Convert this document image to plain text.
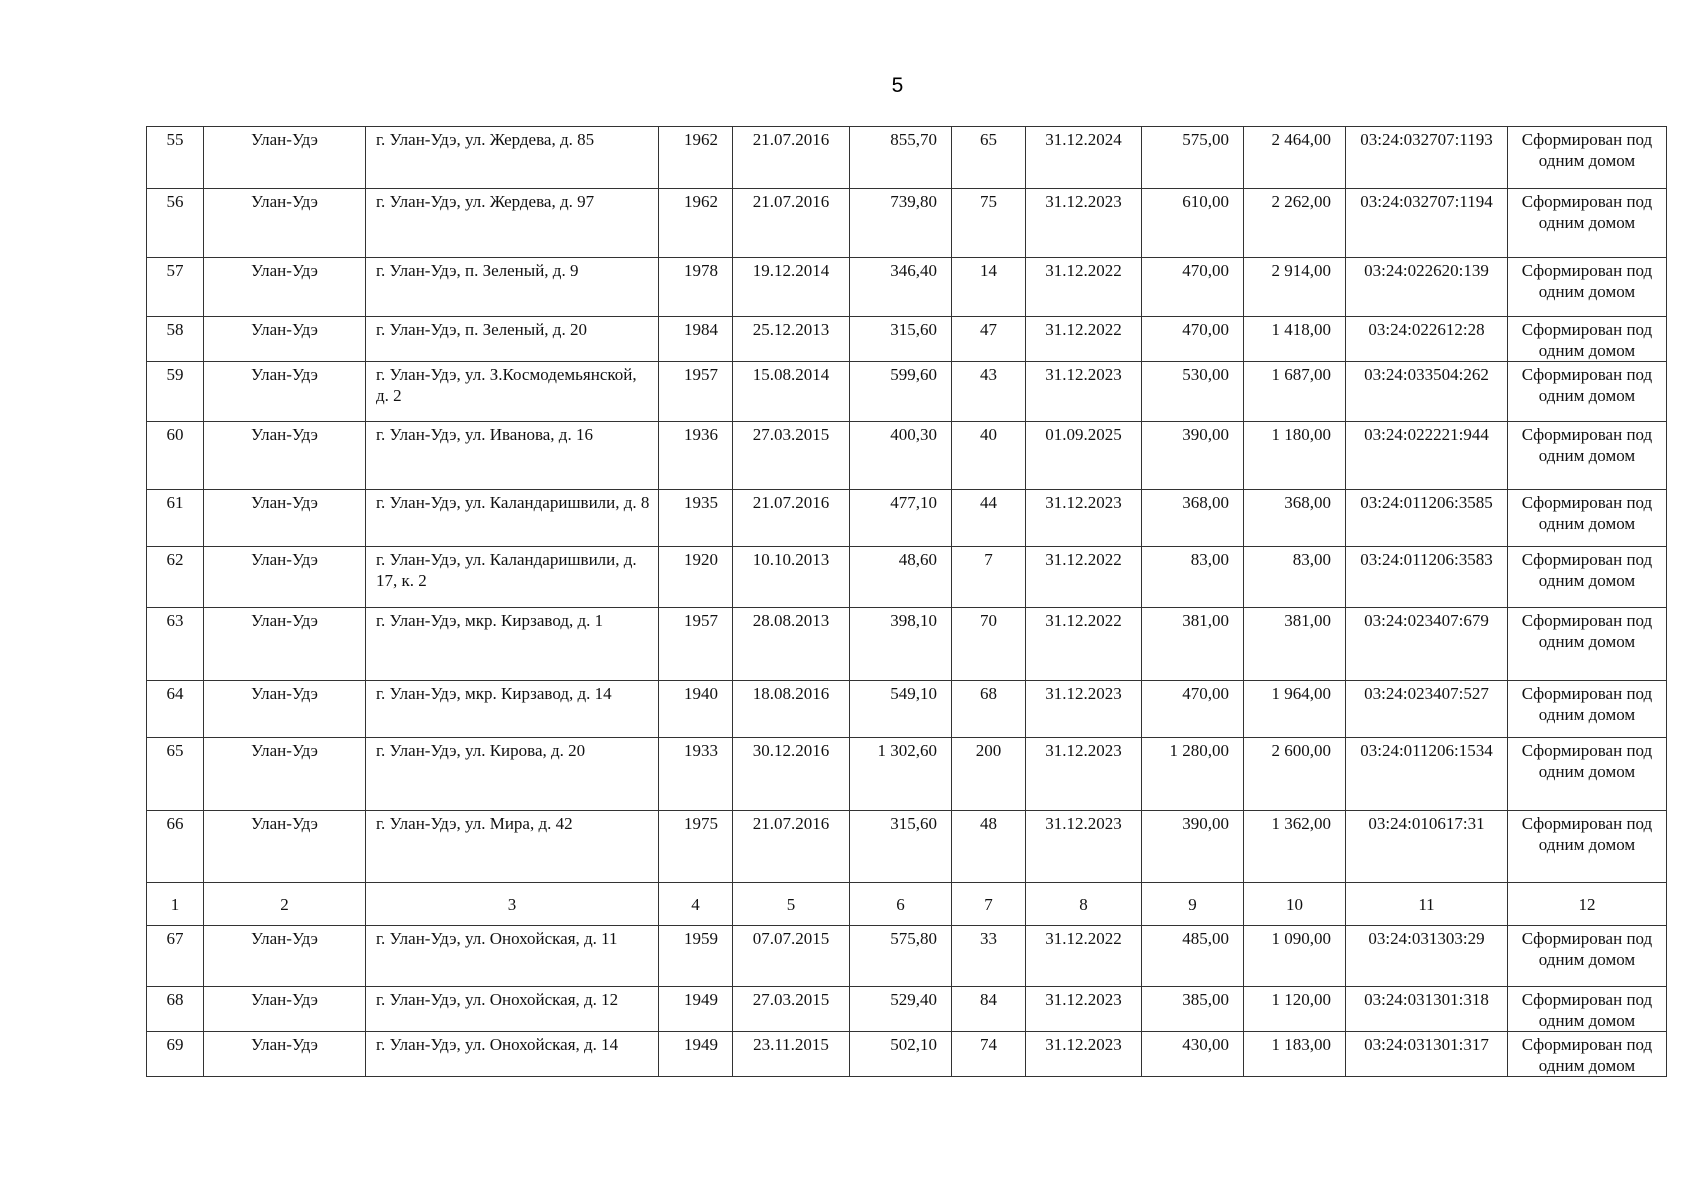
5
55	Улан-Удэ	г. Улан-Удэ, ул. Жердева, д. 85	1962	21.07.2016	855,70	65	31.12.2024	575,00	2 464,00	03:24:032707:1193	Сформирован под одним домом
56	Улан-Удэ	г. Улан-Удэ, ул. Жердева, д. 97	1962	21.07.2016	739,80	75	31.12.2023	610,00	2 262,00	03:24:032707:1194	Сформирован под одним домом
57	Улан-Удэ	г. Улан-Удэ, п. Зеленый, д. 9	1978	19.12.2014	346,40	14	31.12.2022	470,00	2 914,00	03:24:022620:139	Сформирован под одним домом
58	Улан-Удэ	г. Улан-Удэ, п. Зеленый, д. 20	1984	25.12.2013	315,60	47	31.12.2022	470,00	1 418,00	03:24:022612:28	Сформирован под одним домом
59	Улан-Удэ	г. Улан-Удэ, ул. З.Космодемьянской, д. 2	1957	15.08.2014	599,60	43	31.12.2023	530,00	1 687,00	03:24:033504:262	Сформирован под одним домом
60	Улан-Удэ	г. Улан-Удэ, ул. Иванова, д. 16	1936	27.03.2015	400,30	40	01.09.2025	390,00	1 180,00	03:24:022221:944	Сформирован под одним домом
61	Улан-Удэ	г. Улан-Удэ, ул. Каландаришвили, д. 8	1935	21.07.2016	477,10	44	31.12.2023	368,00	368,00	03:24:011206:3585	Сформирован под одним домом
62	Улан-Удэ	г. Улан-Удэ, ул. Каландаришвили, д. 17, к. 2	1920	10.10.2013	48,60	7	31.12.2022	83,00	83,00	03:24:011206:3583	Сформирован под одним домом
63	Улан-Удэ	г. Улан-Удэ, мкр. Кирзавод, д. 1	1957	28.08.2013	398,10	70	31.12.2022	381,00	381,00	03:24:023407:679	Сформирован под одним домом
64	Улан-Удэ	г. Улан-Удэ, мкр. Кирзавод, д. 14	1940	18.08.2016	549,10	68	31.12.2023	470,00	1 964,00	03:24:023407:527	Сформирован под одним домом
65	Улан-Удэ	г. Улан-Удэ, ул. Кирова, д. 20	1933	30.12.2016	1 302,60	200	31.12.2023	1 280,00	2 600,00	03:24:011206:1534	Сформирован под одним домом
66	Улан-Удэ	г. Улан-Удэ, ул. Мира, д. 42	1975	21.07.2016	315,60	48	31.12.2023	390,00	1 362,00	03:24:010617:31	Сформирован под одним домом
1	2	3	4	5	6	7	8	9	10	11	12
67	Улан-Удэ	г. Улан-Удэ, ул. Онохойская, д. 11	1959	07.07.2015	575,80	33	31.12.2022	485,00	1 090,00	03:24:031303:29	Сформирован под одним домом
68	Улан-Удэ	г. Улан-Удэ, ул. Онохойская, д. 12	1949	27.03.2015	529,40	84	31.12.2023	385,00	1 120,00	03:24:031301:318	Сформирован под одним домом
69	Улан-Удэ	г. Улан-Удэ, ул. Онохойская, д. 14	1949	23.11.2015	502,10	74	31.12.2023	430,00	1 183,00	03:24:031301:317	Сформирован под одним домом
